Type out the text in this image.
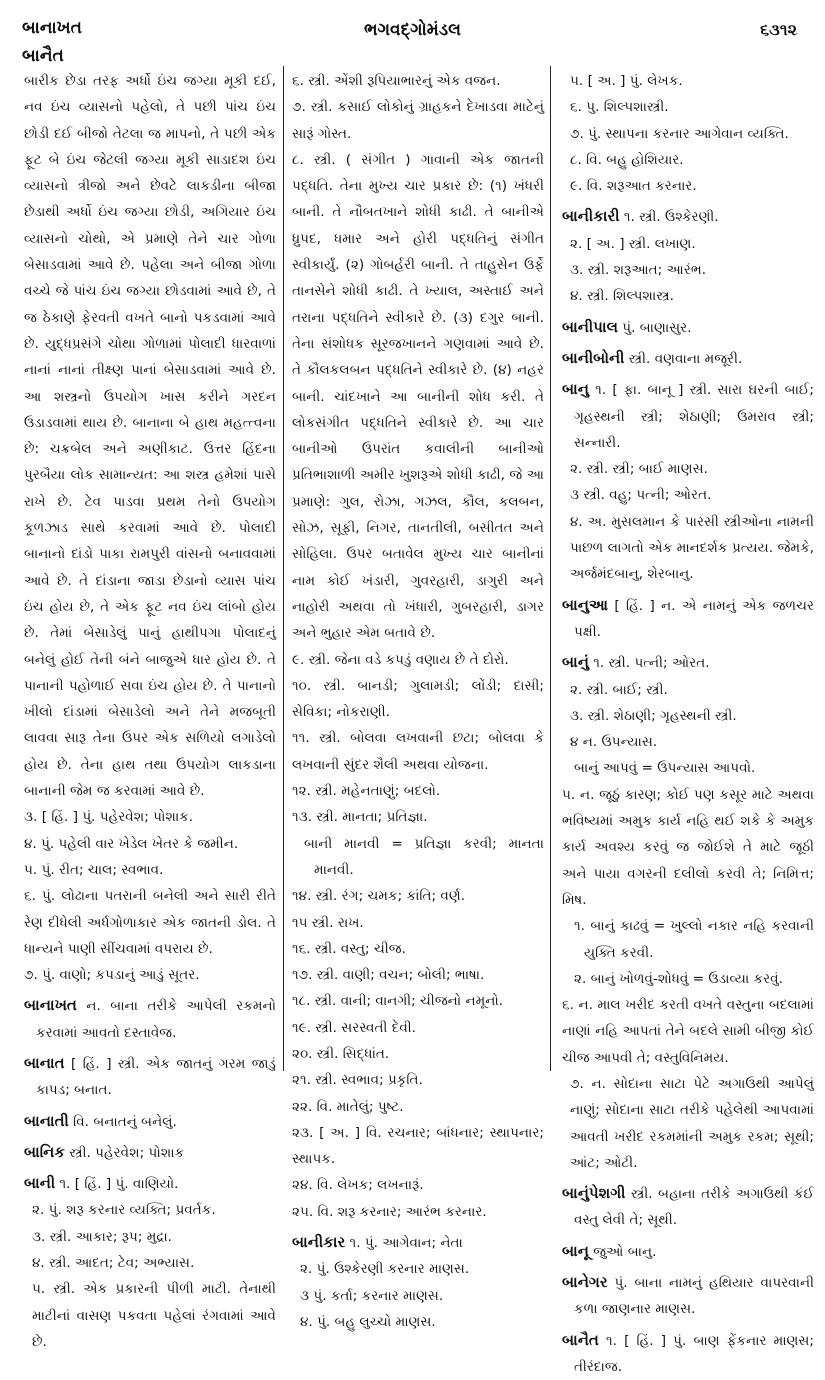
બાનાખત
બાનૈત
ભગવદ્ગોમંડલ	૬૩૧૨

બારીક છેડા તરફ અર્ધો ઇંચ જગ્યા મૂકી દઈ, નવ ઇંચ વ્યાસનો પહેલો, તે પછી પાંચ ઇંચ છોડી દઈ બીજો તેટલા જ માપનો, તે પછી એક ફૂટ બે ઇંચ જેટલી જગ્યા મૂકી સાડાદશ ઇંચ વ્યાસનો ત્રીજો અને છેવટે લાકડીના બીજા છેડાથી અર્ધો ઇંચ જગ્યા છોડી, અગિયાર ઇંચ વ્યાસનો ચોથો, એ પ્રમાણે તેને ચાર ગોળા બેસાડવામાં આવે છે. પહેલા અને બીજા ગોળા વચ્ચે જે પાંચ ઇંચ જગ્યા છોડવામાં આવે છે, તે જ ઠેકાણે ફેરવતી વખતે બાનો પકડવામાં આવે છે. યુદ્ધપ્રસંગે ચોથા ગોળામાં પોલાદી ધારવાળાં નાનાં નાનાં તીક્ષ્ણ પાનાં બેસાડવામાં આવે છે. આ શસ્ત્રનો ઉપયોગ ખાસ કરીને ગરદન ઉડાડવામાં થાય છે. બાનાના બે હાથ મહત્ત્વના છે: ચક્રબેલ અને અણીકાટ. ઉત્તર હિંદના પુરબૈયા લોક સામાન્યત: આ શસ્ત્ર હમેશાં પાસે રાખે છે. ટેવ પાડવા પ્રથમ તેનો ઉપયોગ કૂળઝાડ સાથે કરવામાં આવે છે. પોલાદી બાનાનો દાંડો પાકા રામપુરી વાંસનો બનાવવામાં આવે છે. તે દાંડાના જાડા છેડાનો વ્યાસ પાંચ ઇંચ હોય છે, તે એક ફૂટ નવ ઇંચ લાંબો હોય છે. તેમાં બેસાડેલું પાનું હાથીપગા પોલાદનું બનેલું હોઈ તેની બંને બાજુએ ધાર હોય છે. તે પાનાની પહોળાઈ સવા ઇંચ હોય છે. તે પાનાનો ખીલો દાંડામાં બેસાડેલો અને તેને મજબૂતી લાવવા સારૂ તેના ઉપર એક સળિયો લગાડેલો હોય છે. તેના હાથ તથા ઉપયોગ લાકડાના બાનાની જેમ જ કરવામાં આવે છે.

૩. [ હિં. ] પું. પહેરવેશ; પોશાક.

૪. પું. પહેલી વાર ખેડેલ ખેતર કે જમીન.

૫. પું. રીત; ચાલ; સ્વભાવ.

૬. પું. લોઢાના પતરાની બનેલી અને સારી રીતે રેણ દીધેલી અર્ધગોળાકાર એક જાતની ડોલ. તે ધાન્યને પાણી સીંચવામાં વપરાય છે.

૭. પું. વાણો; કપડાનું આડું સૂતર.

બાનાખત ન. બાના તરીકે આપેલી રકમનો કરવામાં આવતો દસ્તાવેજ.

બાનાત [ હિં. ] સ્ત્રી. એક જાતનું ગરમ જાડું કાપડ; બનાત.

બાનાતી વિ. બનાતનું બનેલું.

બાનિક સ્ત્રી. પહેરવેશ; પોશાક

બાની ૧. [ હિં. ] પું. વાણિયો.

૨. પું. શરૂ કરનાર વ્યક્તિ; પ્રવર્તક.

૩. સ્ત્રી. આકાર; રૂપ; મુદ્રા.

૪. સ્ત્રી. આદત; ટેવ; અભ્યાસ.

૫. સ્ત્રી. એક પ્રકારની પીળી માટી. તેનાથી માટીનાં વાસણ પકવતા પહેલાં રંગવામાં આવે છે.

૬. સ્ત્રી. એંશી રૂપિયાભારનું એક વજન.

૭. સ્ત્રી. કસાઈ લોકોનું ગ્રાહકને દેખાડવા માટેનું સારૂં ગોસ્ત.

૮. સ્ત્રી. ( સંગીત ) ગાવાની એક જાતની પદ્ધતિ. તેના મુખ્ય ચાર પ્રકાર છે: (૧) ખંધરી બાની. તે નૌબતખાને શોધી કાઢી. તે બાનીએ ધ્રુપદ, ધમાર અને હોરી પદ્ધતિનું સંગીત સ્વીકાર્યું. (૨) ગોબર્હરી બાની. તે તાહુસેન ઉર્ફે તાનસેને શોધી કાઢી. તે ખ્યાલ, અસ્તાઈ અને તરાના પદ્ધતિને સ્વીકારે છે. (૩) દગુર બાની. તેના સંશોધક સૂરજખાનને ગણવામાં આવે છે. તે કૌલકલબન પદ્ધતિને સ્વીકારે છે. (૪) નહર બાની. ચાંદખાને આ બાનીની શોધ કરી. તે લોકસંગીત પદ્ધતિને સ્વીકારે છે. આ ચાર બાનીઓ ઉપરાંત કવાલીની બાનીઓ પ્રતિભાશાળી અમીર ખુશરૂએ શોધી કાઢી, જે આ પ્રમાણે: ગુલ, રોઝા, ગઝલ, કૌલ, કલબન, સોઝ, સૂફી, નિગર, તાનતીલી, બસીતત અને સોહિલા. ઉપર બતાવેલ મુખ્ય ચાર બાનીનાં નામ કોઈ ખંડારી, ગુવરહારી, ડાગુરી અને નાહોરી અથવા તો ખંધારી, ગુબરહારી, ડાગર અને ભુહાર એમ બતાવે છે.

૯. સ્ત્રી. જેના વડે કપડું વણાય છે તે દોરો.

૧૦. સ્ત્રી. બાનડી; ગુલામડી; લોંડી; દાસી; સેવિકા; નોકરાણી.

૧૧. સ્ત્રી. બોલવા લખવાની છટા; બોલવા કે લખવાની સુંદર શૈલી અથવા યોજના.

૧૨. સ્ત્રી. મહેનતાણું; બદલો.

૧૩. સ્ત્રી. માનતા; પ્રતિજ્ઞા.

બાની માનવી = પ્રતિજ્ઞા કરવી; માનતા માનવી.

૧૪. સ્ત્રી. રંગ; ચમક; કાંતિ; વર્ણ.

૧૫ સ્ત્રી. રાખ.

૧૬. સ્ત્રી. વસ્તુ; ચીજ.

૧૭. સ્ત્રી. વાણી; વચન; બોલી; ભાષા.

૧૮. સ્ત્રી. વાની; વાનગી; ચીજનો નમૂનો.

૧૯. સ્ત્રી. સરસ્વતી દેવી.

૨૦. સ્ત્રી. સિદ્ધાંત.

૨૧. સ્ત્રી. સ્વભાવ; પ્રકૃતિ.

૨૨. વિ. માતેલું; પુષ્ટ.

૨૩. [ અ. ] વિ. રચનાર; બાંધનાર; સ્થાપનાર; સ્થાપક.

૨૪. વિ. લેખક; લખનારૂં.

૨૫. વિ. શરૂ કરનાર; આરંભ કરનાર.

બાનીકાર ૧. પું. આગેવાન; નેતા

૨. પું. ઉશ્કેરણી કરનાર માણસ.

૩ પું. કર્તા; કરનાર માણસ.

૪. પું. બહુ લુચ્ચો માણસ.

૫. [ અ. ] પું. લેખક.

૬. પુ. શિલ્પશાસ્ત્રી.

૭. પું. સ્થાપના કરનાર આગેવાન વ્યક્તિ.

૮. વિ. બહુ હોશિયાર.

૯. વિ. શરૂઆત કરનાર.

બાનીકારી ૧. સ્ત્રી. ઉશ્કેરણી.

૨. [ અ. ] સ્ત્રી. લખાણ.

૩. સ્ત્રી. શરૂઆત; આરંભ.

૪. સ્ત્રી. શિલ્પશાસ્ત્ર.

બાનીપાલ પું. બાણાસુર.

બાનીબોની સ્ત્રી. વણવાના મજૂરી.

બાનુ ૧. [ ફા. બાનૂ ] સ્ત્રી. સારા ઘરની બાઈ; ગૃહસ્થની સ્ત્રી; શેઠાણી; ઉમરાવ સ્ત્રી; સન્નારી.

૨. સ્ત્રી. સ્ત્રી; બાઈ માણસ.

૩ સ્ત્રી. વહુ; પત્ની; ઓરત.

૪. અ. મુસલમાન કે પારસી સ્ત્રીઓના નામની પાછળ લાગતો એક માનદર્શક પ્રત્યય. જેમકે, અર્જમંદબાનુ, શેરબાનુ.

બાનુઆ [ હિં. ] ન. એ નામનું એક જળચર પક્ષી.

બાનું ૧. સ્ત્રી. પત્ની; ઓરત.

૨. સ્ત્રી. બાઈ; સ્ત્રી.

૩. સ્ત્રી. શેઠાણી; ગૃહસ્થની સ્ત્રી.

૪ ન. ઉપન્યાસ.

બાનું આપવું = ઉપન્યાસ આપવો.

૫. ન. જૂઠું કારણ; કોઈ પણ કસૂર માટે અથવા ભવિષ્યમાં અમુક કાર્ય નહિ થઈ શકે કે અમુક કાર્ય અવશ્ય કરવું જ જોઈશે તે માટે જૂઠી અને પાયા વગરની દલીલો કરવી તે; નિમિત્ત; મિષ.

૧. બાનું કાઢવું = ખુલ્લો નકાર નહિ કરવાની યુક્તિ કરવી.

૨. બાનું ખોળવું-શોધવું = ઉડાવ્યા કરવું.

૬. ન. માલ ખરીદ કરતી વખતે વસ્તુના બદલામાં નાણાં નહિ આપતાં તેને બદલે સામી બીજી કોઈ ચીજ આપવી તે; વસ્તુવિનિમય.

૭. ન. સોદાના સાટા પેટે અગાઉથી આપેલું નાણું; સોદાના સાટા તરીકે પહેલેથી આપવામાં આવતી ખરીદ રકમમાંની અમુક રકમ; સૂથી; આંટ; ઓટી.

બાનુંપેશગી સ્ત્રી. બહાના તરીકે અગાઉથી કંઈ વસ્તુ લેવી તે; સૂથી.

બાનૂ જુઓ બાનુ.

બાનેગર પું. બાના નામનું હથિયાર વાપરવાની કળા જાણનાર માણસ.

બાનૈત ૧. [ હિં. ] પું. બાણ ફેંકનાર માણસ; તીરંદાજ.
